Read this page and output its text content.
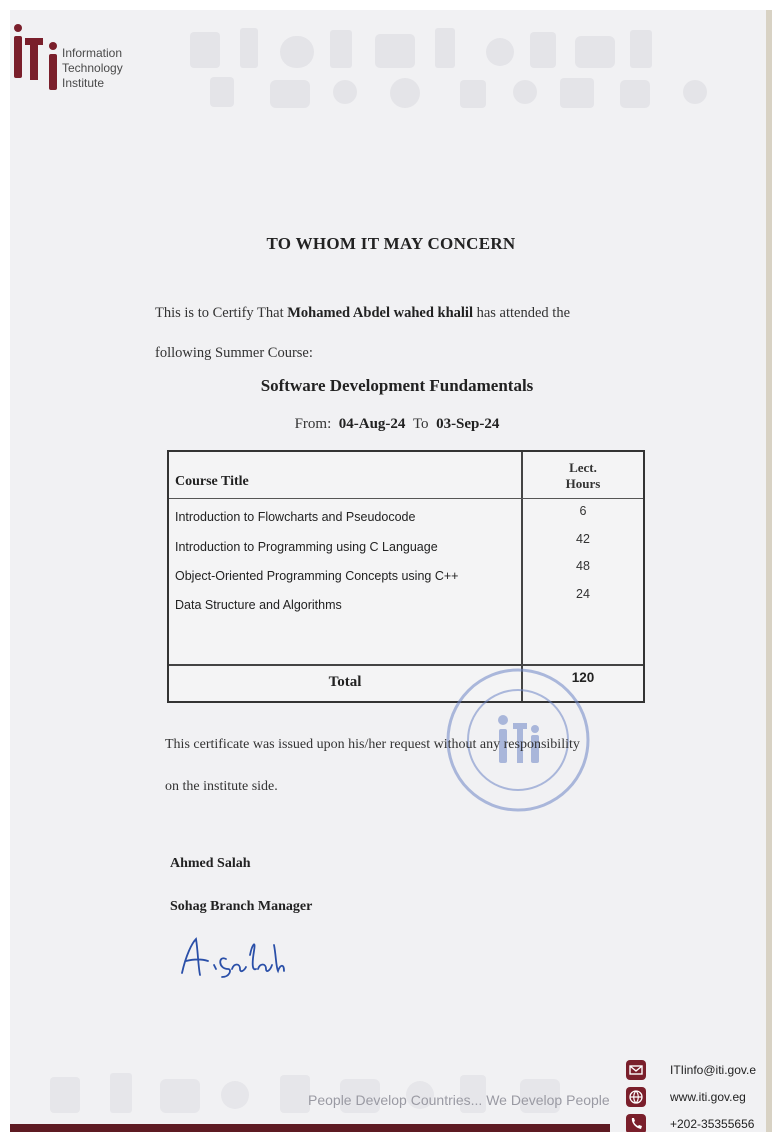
Information
Technology
Institute
TO WHOM IT MAY CONCERN
This is to Certify That Mohamed Abdel wahed khalil has attended the
following Summer Course:
Software Development Fundamentals
From: 04-Aug-24 To 03-Sep-24
Course Title
Lect.
Hours
Introduction to Flowcharts and Pseudocode	6
Introduction to Programming using C Language
42
Object-Oriented Programming Concepts using C++
48
Data Structure and Algorithms
24
Total	120
This certificate was issued upon his/her request without any responsibility
on the institute side.
Ahmed Salah
Sohag Branch Manager
People Develop Countries... We Develop People
ITIinfo@iti.gov.e
www.iti.gov.eg
+202-35355656
